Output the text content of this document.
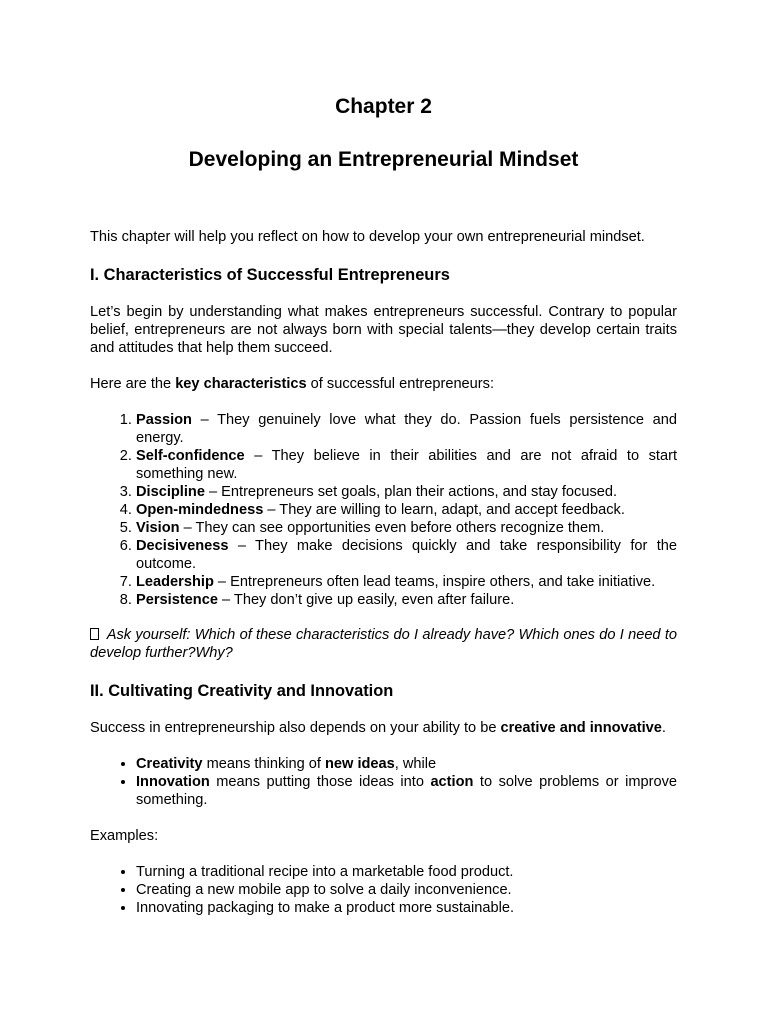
Chapter 2
Developing an Entrepreneurial Mindset

This chapter will help you reflect on how to develop your own entrepreneurial mindset.

I. Characteristics of Successful Entrepreneurs

Let’s begin by understanding what makes entrepreneurs successful. Contrary to popular belief, entrepreneurs are not always born with special talents—they develop certain traits and attitudes that help them succeed.

Here are the key characteristics of successful entrepreneurs:

1. Passion – They genuinely love what they do. Passion fuels persistence and energy.
2. Self-confidence – They believe in their abilities and are not afraid to start something new.
3. Discipline – Entrepreneurs set goals, plan their actions, and stay focused.
4. Open-mindedness – They are willing to learn, adapt, and accept feedback.
5. Vision – They can see opportunities even before others recognize them.
6. Decisiveness – They make decisions quickly and take responsibility for the outcome.
7. Leadership – Entrepreneurs often lead teams, inspire others, and take initiative.
8. Persistence – They don’t give up easily, even after failure.

Ask yourself: Which of these characteristics do I already have? Which ones do I need to develop further?Why?

II. Cultivating Creativity and Innovation

Success in entrepreneurship also depends on your ability to be creative and innovative.

• Creativity means thinking of new ideas, while
• Innovation means putting those ideas into action to solve problems or improve something.

Examples:

• Turning a traditional recipe into a marketable food product.
• Creating a new mobile app to solve a daily inconvenience.
• Innovating packaging to make a product more sustainable.
